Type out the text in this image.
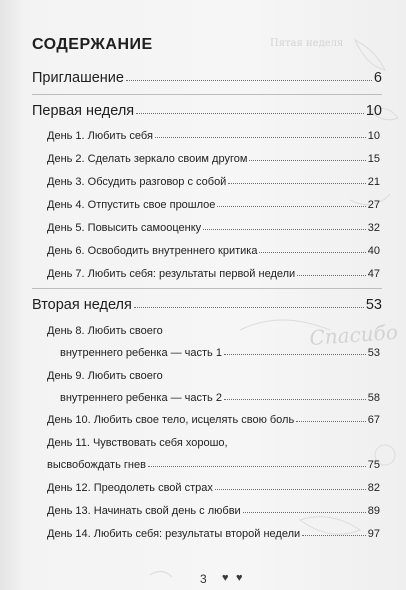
Пятая неделя
Спасибо
СОДЕРЖАНИЕ
Приглашение	6
Первая неделя	10
День 1. Любить себя	10
День 2. Сделать зеркало своим другом	15
День 3. Обсудить разговор с собой	21
День 4. Отпустить свое прошлое	27
День 5. Повысить самооценку	32
День 6. Освободить внутреннего критика	40
День 7. Любить себя: результаты первой недели	47
Вторая неделя	53
День 8. Любить своего
внутреннего ребенка — часть 1	53
День 9. Любить своего
внутреннего ребенка — часть 2	58
День 10. Любить свое тело, исцелять свою боль	67
День 11. Чувствовать себя хорошо,
высвобождать гнев	75
День 12. Преодолеть свой страх	82
День 13. Начинать свой день с любви	89
День 14. Любить себя: результаты второй недели	97
3 ♥ ♥
